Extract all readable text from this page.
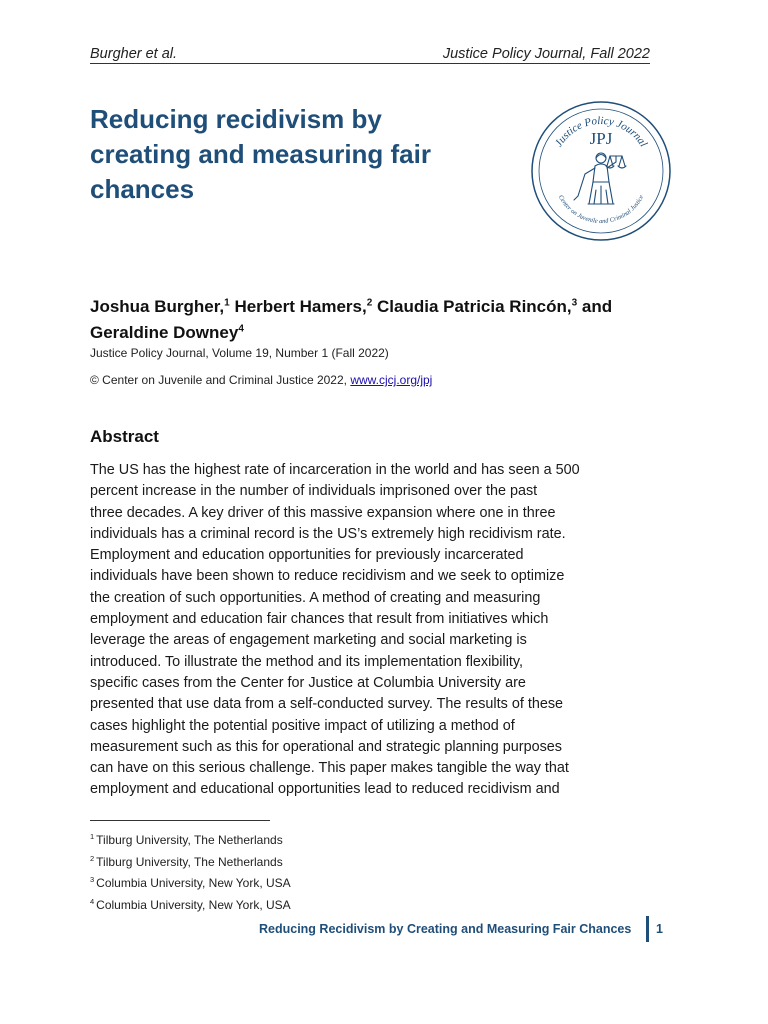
Burgher et al.	Justice Policy Journal, Fall 2022
Reducing recidivism by
creating and measuring fair
chances
Justice Policy Journal
Center on Juvenile and Criminal Justice
JPJ
Joshua Burgher,$^1$ Herbert Hamers,$^2$ Claudia Patricia Rincón,$^3$ and
Geraldine Downey$^4$
Justice Policy Journal, Volume 19, Number 1 (Fall 2022)
© Center on Juvenile and Criminal Justice 2022, www.cjcj.org/jpj
Abstract

The US has the highest rate of incarceration in the world and has seen a 500
percent increase in the number of individuals imprisoned over the past
three decades. A key driver of this massive expansion where one in three
individuals has a criminal record is the US’s extremely high recidivism rate.
Employment and education opportunities for previously incarcerated
individuals have been shown to reduce recidivism and we seek to optimize
the creation of such opportunities. A method of creating and measuring
employment and education fair chances that result from initiatives which
leverage the areas of engagement marketing and social marketing is
introduced. To illustrate the method and its implementation flexibility,
specific cases from the Center for Justice at Columbia University are
presented that use data from a self-conducted survey. The results of these
cases highlight the potential positive impact of utilizing a method of
measurement such as this for operational and strategic planning purposes
can have on this serious challenge. This paper makes tangible the way that
employment and educational opportunities lead to reduced recidivism and

$^1$ Tilburg University, The Netherlands
$^2$ Tilburg University, The Netherlands
$^3$ Columbia University, New York, USA
$^4$ Columbia University, New York, USA
Reducing Recidivism by Creating and Measuring Fair Chances 1
